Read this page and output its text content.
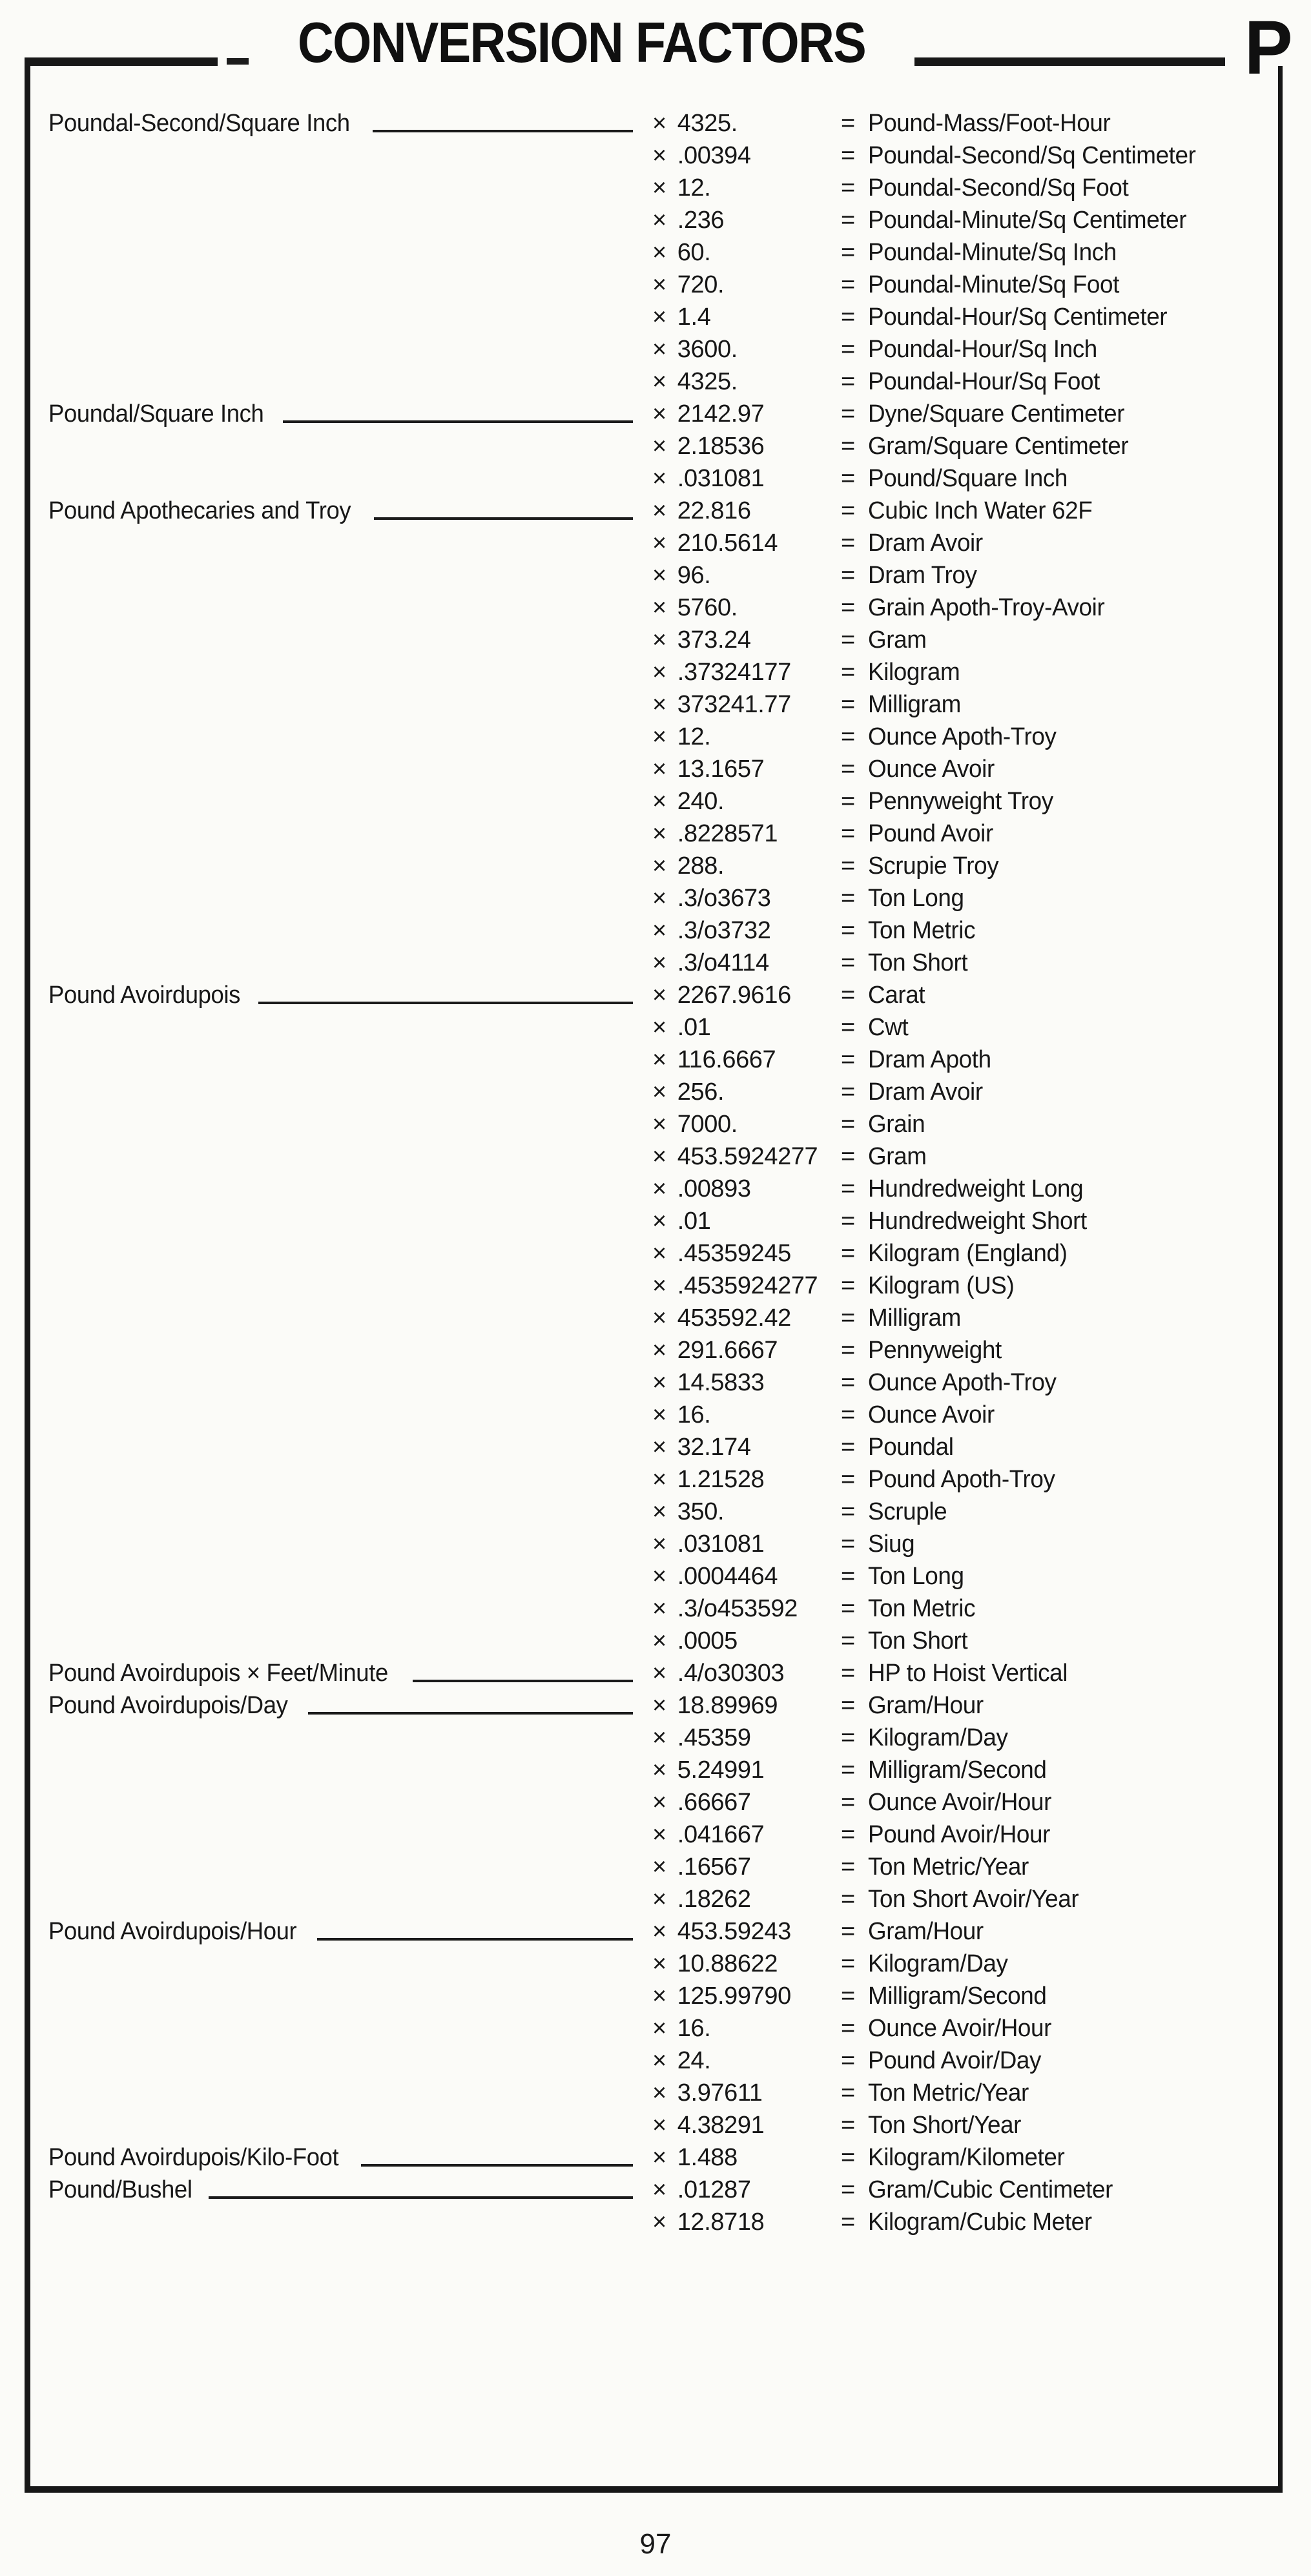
CONVERSION FACTORS	P
Poundal-Second/Square Inch	× 4325.	= Pound-Mass/Foot-Hour
× .00394	= Poundal-Second/Sq Centimeter
× 12.	= Poundal-Second/Sq Foot
× .236	= Poundal-Minute/Sq Centimeter
× 60.	= Poundal-Minute/Sq Inch
× 720.	= Poundal-Minute/Sq Foot
× 1.4	= Poundal-Hour/Sq Centimeter
× 3600.	= Poundal-Hour/Sq Inch
× 4325.	= Poundal-Hour/Sq Foot
Poundal/Square Inch	× 2142.97	= Dyne/Square Centimeter
× 2.18536	= Gram/Square Centimeter
× .031081	= Pound/Square Inch
Pound Apothecaries and Troy	× 22.816	= Cubic Inch Water 62F
× 210.5614	= Dram Avoir
× 96.	= Dram Troy
× 5760.	= Grain Apoth-Troy-Avoir
× 373.24	= Gram
× .37324177 = Kilogram
× 373241.77 = Milligram
× 12.	= Ounce Apoth-Troy
× 13.1657	= Ounce Avoir
× 240.	= Pennyweight Troy
× .8228571	= Pound Avoir
× 288.	= Scrupie Troy
× .3/o3673	= Ton Long
× .3/o3732	= Ton Metric
× .3/o4114	= Ton Short
Pound Avoirdupois	× 2267.9616 = Carat
× .01	= Cwt
× 116.6667	= Dram Apoth
× 256.	= Dram Avoir
× 7000.	= Grain
× 453.5924277 = Gram
× .00893	= Hundredweight Long
× .01	= Hundredweight Short
× .45359245 = Kilogram (England)
× .4535924277 = Kilogram (US)
× 453592.42 = Milligram
× 291.6667	= Pennyweight
× 14.5833	= Ounce Apoth-Troy
× 16.	= Ounce Avoir
× 32.174	= Poundal
× 1.21528	= Pound Apoth-Troy
× 350.	= Scruple
× .031081	= Siug
× .0004464	= Ton Long
× .3/o453592 = Ton Metric
× .0005	= Ton Short
Pound Avoirdupois × Feet/Minute	× .4/o30303 = HP to Hoist Vertical
Pound Avoirdupois/Day	× 18.89969	= Gram/Hour
× .45359	= Kilogram/Day
× 5.24991	= Milligram/Second
× .66667	= Ounce Avoir/Hour
× .041667	= Pound Avoir/Hour
× .16567	= Ton Metric/Year
× .18262	= Ton Short Avoir/Year
Pound Avoirdupois/Hour	× 453.59243 = Gram/Hour
× 10.88622	= Kilogram/Day
× 125.99790 = Milligram/Second
× 16.	= Ounce Avoir/Hour
× 24.	= Pound Avoir/Day
× 3.97611	= Ton Metric/Year
× 4.38291	= Ton Short/Year
Pound Avoirdupois/Kilo-Foot	× 1.488	= Kilogram/Kilometer
Pound/Bushel	× .01287	= Gram/Cubic Centimeter
× 12.8718	= Kilogram/Cubic Meter
97
